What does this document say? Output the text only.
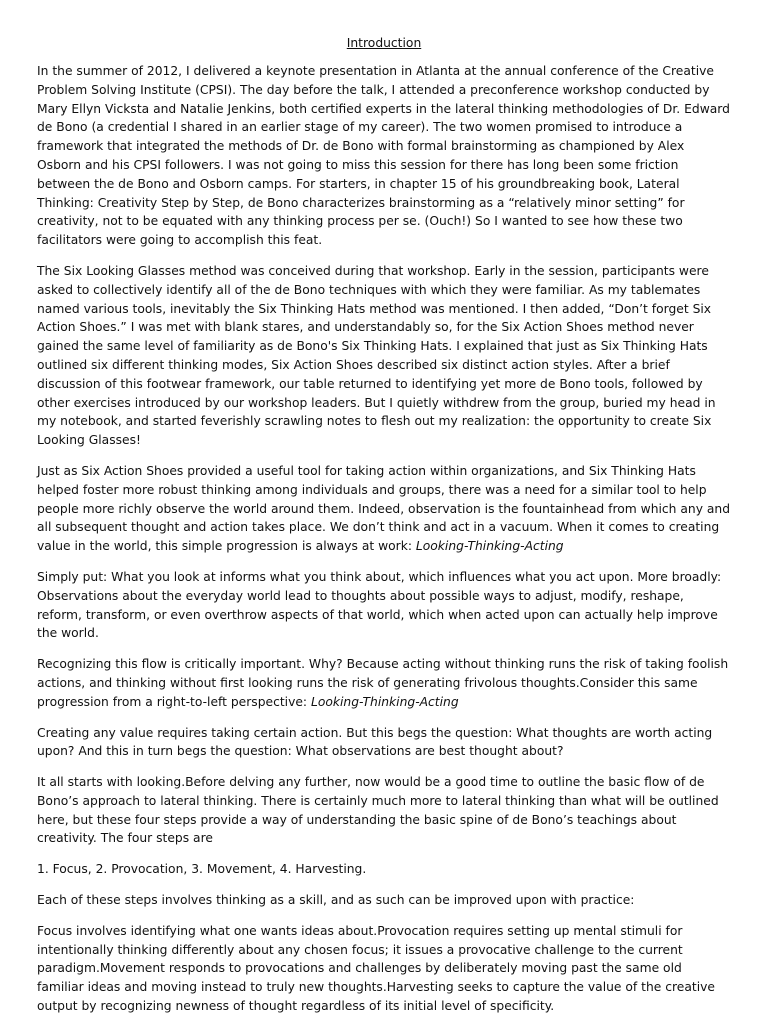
Introduction

In the summer of 2012, I delivered a keynote presentation in Atlanta at the annual conference of the Creative Problem Solving Institute (CPSI). The day before the talk, I attended a preconference workshop conducted by Mary Ellyn Vicksta and Natalie Jenkins, both certified experts in the lateral thinking methodologies of Dr. Edward de Bono (a credential I shared in an earlier stage of my career). The two women promised to introduce a framework that integrated the methods of Dr. de Bono with formal brainstorming as championed by Alex Osborn and his CPSI followers. I was not going to miss this session for there has long been some friction between the de Bono and Osborn camps. For starters, in chapter 15 of his groundbreaking book, Lateral Thinking: Creativity Step by Step, de Bono characterizes brainstorming as a “relatively minor setting” for creativity, not to be equated with any thinking process per se. (Ouch!) So I wanted to see how these two facilitators were going to accomplish this feat.

The Six Looking Glasses method was conceived during that workshop. Early in the session, participants were asked to collectively identify all of the de Bono techniques with which they were familiar. As my tablemates named various tools, inevitably the Six Thinking Hats method was mentioned. I then added, “Don’t forget Six Action Shoes.” I was met with blank stares, and understandably so, for the Six Action Shoes method never gained the same level of familiarity as de Bono's Six Thinking Hats. I explained that just as Six Thinking Hats outlined six different thinking modes, Six Action Shoes described six distinct action styles. After a brief discussion of this footwear framework, our table returned to identifying yet more de Bono tools, followed by other exercises introduced by our workshop leaders. But I quietly withdrew from the group, buried my head in my notebook, and started feverishly scrawling notes to flesh out my realization: the opportunity to create Six Looking Glasses!

Just as Six Action Shoes provided a useful tool for taking action within organizations, and Six Thinking Hats helped foster more robust thinking among individuals and groups, there was a need for a similar tool to help people more richly observe the world around them. Indeed, observation is the fountainhead from which any and all subsequent thought and action takes place. We don’t think and act in a vacuum. When it comes to creating value in the world, this simple progression is always at work: Looking-Thinking-Acting

Simply put: What you look at informs what you think about, which influences what you act upon. More broadly: Observations about the everyday world lead to thoughts about possible ways to adjust, modify, reshape, reform, transform, or even overthrow aspects of that world, which when acted upon can actually help improve the world.

Recognizing this flow is critically important. Why? Because acting without thinking runs the risk of taking foolish actions, and thinking without first looking runs the risk of generating frivolous thoughts.Consider this same progression from a right-to-left perspective: Looking-Thinking-Acting

Creating any value requires taking certain action. But this begs the question: What thoughts are worth acting upon? And this in turn begs the question: What observations are best thought about?

It all starts with looking.Before delving any further, now would be a good time to outline the basic flow of de Bono’s approach to lateral thinking. There is certainly much more to lateral thinking than what will be outlined here, but these four steps provide a way of understanding the basic spine of de Bono’s teachings about creativity. The four steps are

1. Focus, 2. Provocation, 3. Movement, 4. Harvesting.

Each of these steps involves thinking as a skill, and as such can be improved upon with practice:

Focus involves identifying what one wants ideas about.Provocation requires setting up mental stimuli for intentionally thinking differently about any chosen focus; it issues a provocative challenge to the current paradigm.Movement responds to provocations and challenges by deliberately moving past the same old familiar ideas and moving instead to truly new thoughts.Harvesting seeks to capture the value of the creative output by recognizing newness of thought regardless of its initial level of specificity.
